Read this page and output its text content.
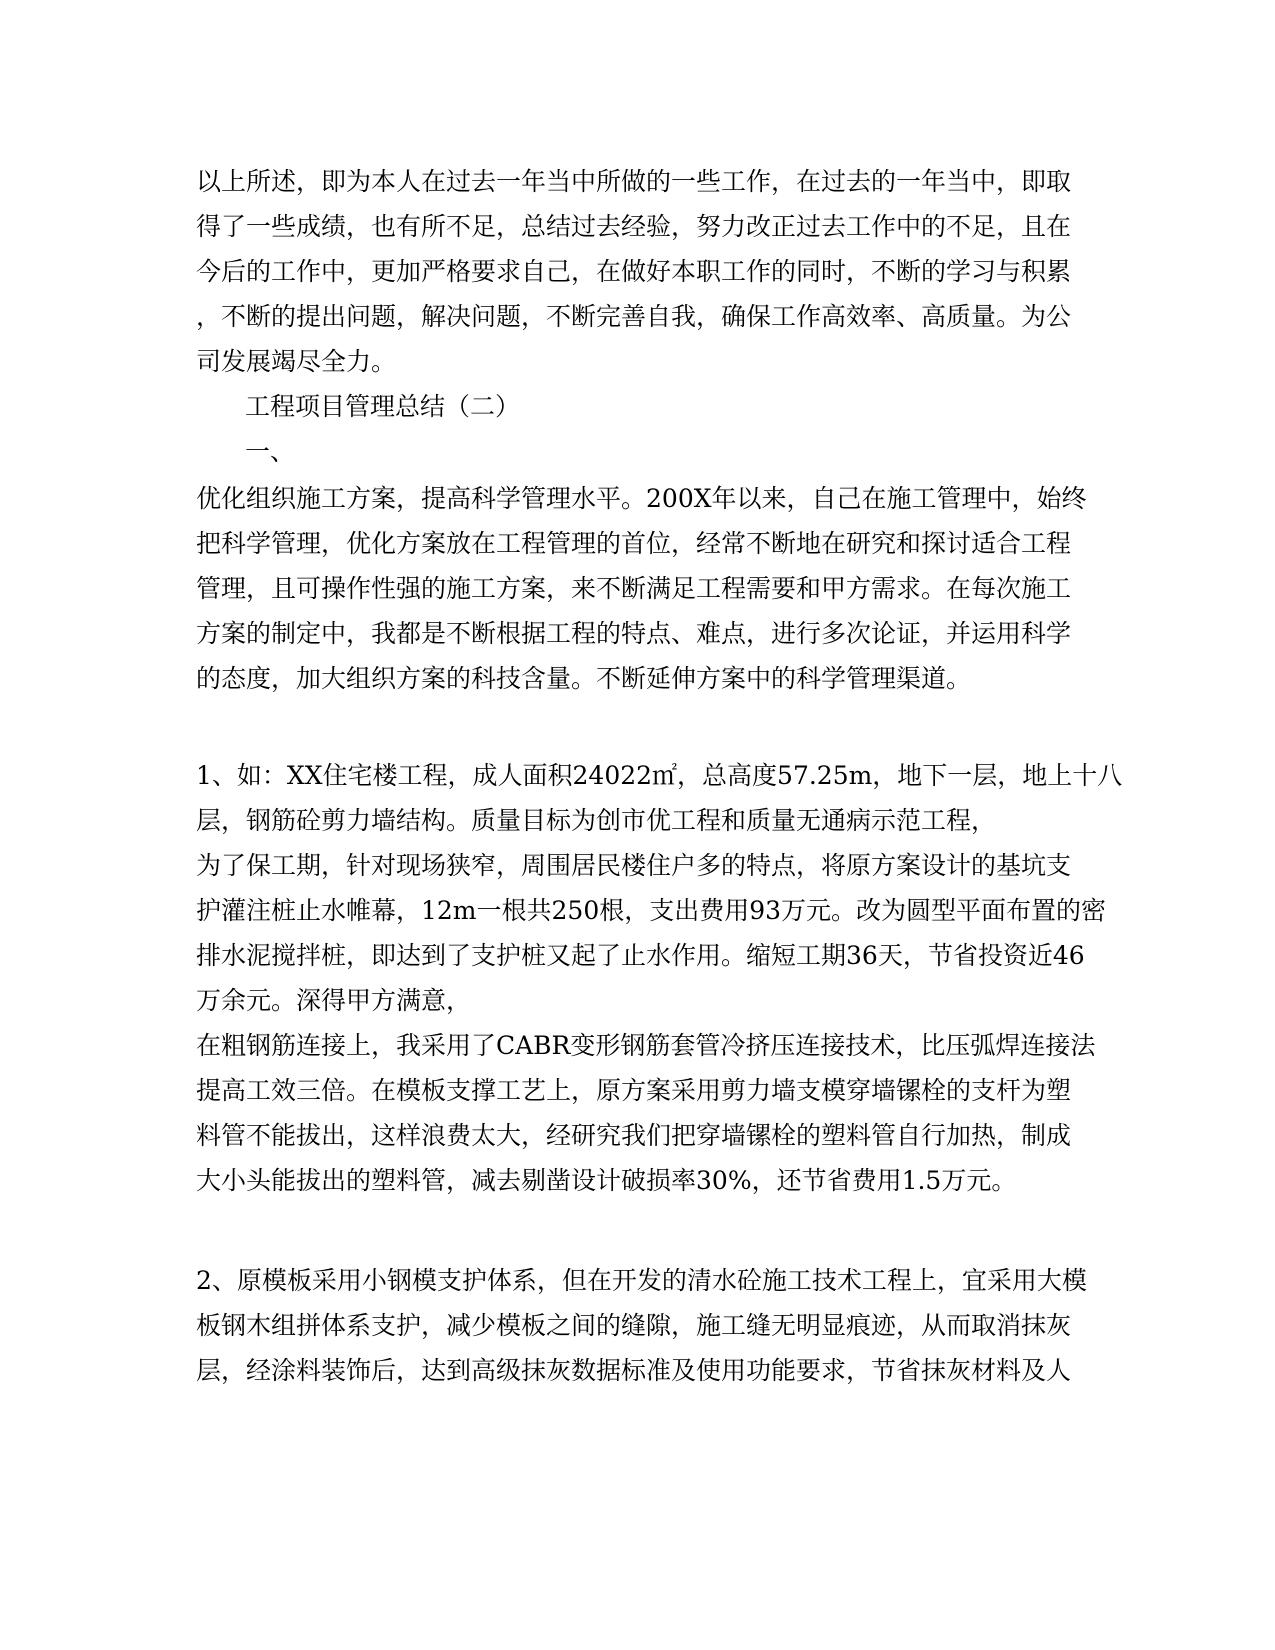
以上所述，即为本人在过去一年当中所做的一些工作，在过去的一年当中，即取
得了一些成绩，也有所不足，总结过去经验，努力改正过去工作中的不足，且在
今后的工作中，更加严格要求自己，在做好本职工作的同时，不断的学习与积累
，不断的提出问题，解决问题，不断完善自我，确保工作高效率、高质量。为公
司发展竭尽全力。
工程项目管理总结（二）
一、
优化组织施工方案，提高科学管理水平。200X年以来，自己在施工管理中，始终
把科学管理，优化方案放在工程管理的首位，经常不断地在研究和探讨适合工程
管理，且可操作性强的施工方案，来不断满足工程需要和甲方需求。在每次施工
方案的制定中，我都是不断根据工程的特点、难点，进行多次论证，并运用科学
的态度，加大组织方案的科技含量。不断延伸方案中的科学管理渠道。
1、如：XX住宅楼工程，成人面积24022㎡，总高度57.25m，地下一层，地上十八
层，钢筋砼剪力墙结构。质量目标为创市优工程和质量无通病示范工程，
为了保工期，针对现场狭窄，周围居民楼住户多的特点，将原方案设计的基坑支
护灌注桩止水帷幕，12m一根共250根，支出费用93万元。改为圆型平面布置的密
排水泥搅拌桩，即达到了支护桩又起了止水作用。缩短工期36天，节省投资近46
万余元。深得甲方满意，
在粗钢筋连接上，我采用了CABR变形钢筋套管冷挤压连接技术，比压弧焊连接法
提高工效三倍。在模板支撑工艺上，原方案采用剪力墙支模穿墙镙栓的支杆为塑
料管不能拔出，这样浪费太大，经研究我们把穿墙镙栓的塑料管自行加热，制成
大小头能拔出的塑料管，减去剔凿设计破损率30%，还节省费用1.5万元。
2、原模板采用小钢模支护体系，但在开发的清水砼施工技术工程上，宜采用大模
板钢木组拼体系支护，减少模板之间的缝隙，施工缝无明显痕迹，从而取消抹灰
层，经涂料装饰后，达到高级抹灰数据标准及使用功能要求，节省抹灰材料及人
